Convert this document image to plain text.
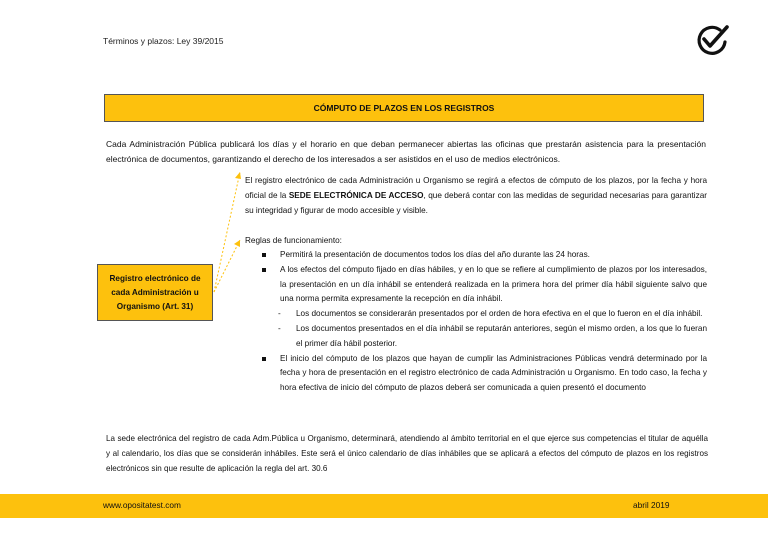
Términos y plazos: Ley 39/2015
CÓMPUTO DE PLAZOS EN LOS REGISTROS
Cada Administración Pública publicará los días y el horario en que deban permanecer abiertas las oficinas que prestarán asistencia para la presentación electrónica de documentos, garantizando el derecho de los interesados a ser asistidos en el uso de medios electrónicos.
El registro electrónico de cada Administración u Organismo se regirá a efectos de cómputo de los plazos, por la fecha y hora oficial de la SEDE ELECTRÓNICA DE ACCESO, que deberá contar con las medidas de seguridad necesarias para garantizar su integridad y figurar de modo accesible y visible.
Reglas de funcionamiento:
Permitirá la presentación de documentos todos los días del año durante las 24 horas.
A los efectos del cómputo fijado en días hábiles, y en lo que se refiere al cumplimiento de plazos por los interesados, la presentación en un día inhábil se entenderá realizada en la primera hora del primer día hábil siguiente salvo que una norma permita expresamente la recepción en día inhábil.
- Los documentos se considerarán presentados por el orden de hora efectiva en el que lo fueron en el día inhábil.
- Los documentos presentados en el día inhábil se reputarán anteriores, según el mismo orden, a los que lo fueran el primer día hábil posterior.
El inicio del cómputo de los plazos que hayan de cumplir las Administraciones Públicas vendrá determinado por la fecha y hora de presentación en el registro electrónico de cada Administración u Organismo. En todo caso, la fecha y hora efectiva de inicio del cómputo de plazos deberá ser comunicada a quien presentó el documento
Registro electrónico de
cada Administración u
Organismo (Art. 31)
La sede electrónica del registro de cada Adm.Pública u Organismo, determinará, atendiendo al ámbito territorial en el que ejerce sus competencias el titular de aquélla y al calendario, los días que se considerán inhábiles. Este será el único calendario de días inhábiles que se aplicará a efectos del cómputo de plazos en los registros electrónicos sin que resulte de aplicación la regla del art. 30.6
www.opositatest.com	abril 2019
